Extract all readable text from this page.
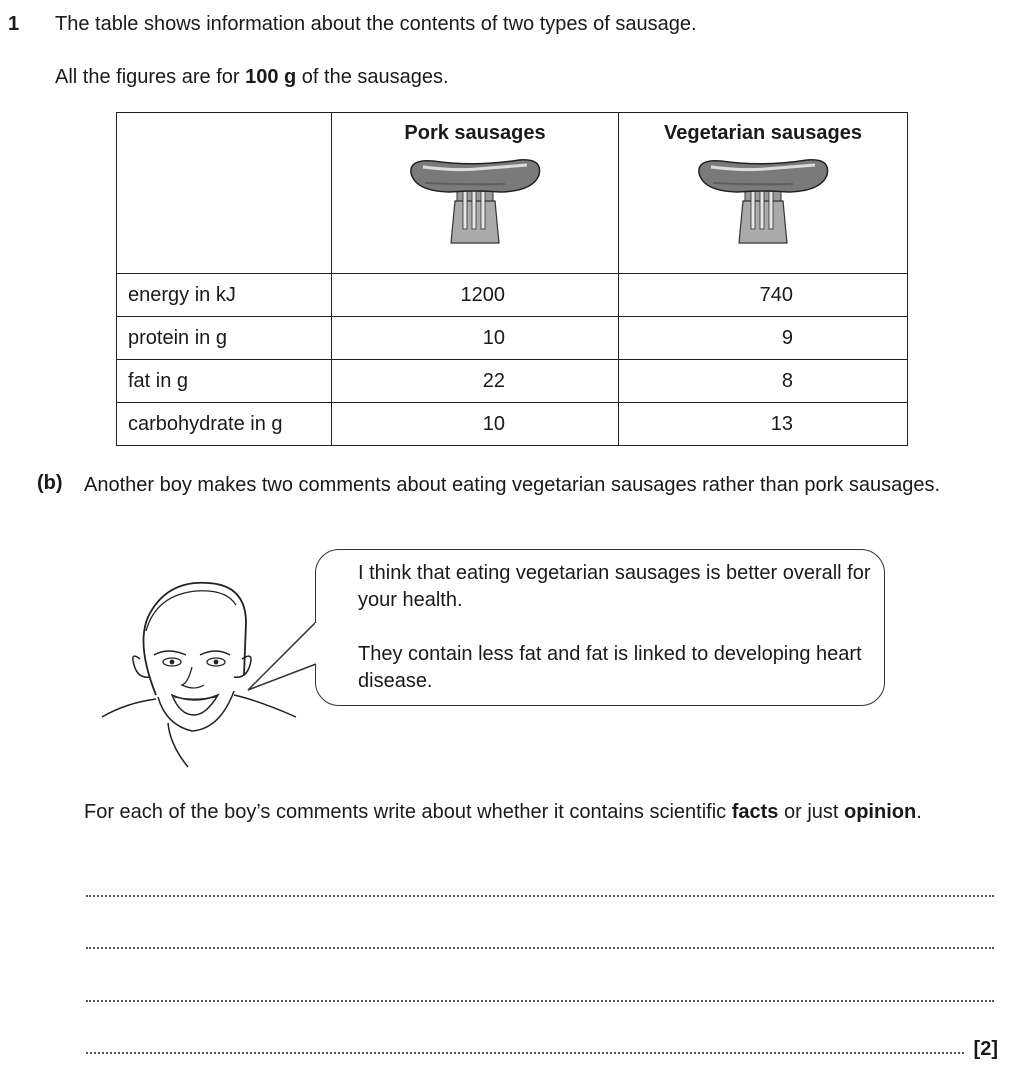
1 The table shows information about the contents of two types of sausage.
All the figures are for 100 g of the sausages.

	Pork sausages	Vegetarian sausages

energy in kJ	1200	740
protein in g	10	9
fat in g	22	8
carbohydrate in g	10	13
(b) Another boy makes two comments about eating vegetarian sausages rather than pork sausages.

I think that eating vegetarian sausages is better overall for your health.

They contain less fat and fat is linked to developing heart disease.

For each of the boy’s comments write about whether it contains scientific facts or just opinion.
[2]
